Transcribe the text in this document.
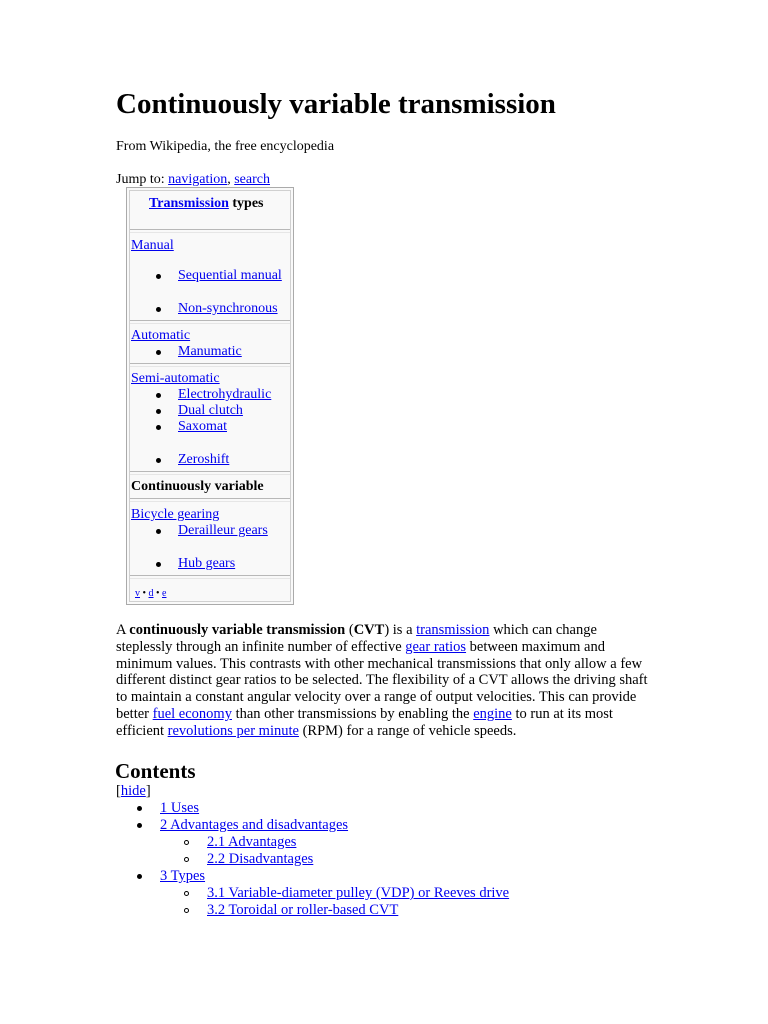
Continuously variable transmission
From Wikipedia, the free encyclopedia
Jump to: navigation, search
Transmission types
Manual
Sequential manual
Non-synchronous
Automatic
Manumatic
Semi-automatic
Electrohydraulic
Dual clutch
Saxomat
Zeroshift
Continuously variable
Bicycle gearing
Derailleur gears
Hub gears
v • d • e
A continuously variable transmission (CVT) is a transmission which can change steplessly through an infinite number of effective gear ratios between maximum and minimum values. This contrasts with other mechanical transmissions that only allow a few different distinct gear ratios to be selected. The flexibility of a CVT allows the driving shaft to maintain a constant angular velocity over a range of output velocities. This can provide better fuel economy than other transmissions by enabling the engine to run at its most efficient revolutions per minute (RPM) for a range of vehicle speeds.
Contents
[hide]
1 Uses
2 Advantages and disadvantages
2.1 Advantages
2.2 Disadvantages
3 Types
3.1 Variable-diameter pulley (VDP) or Reeves drive
3.2 Toroidal or roller-based CVT
